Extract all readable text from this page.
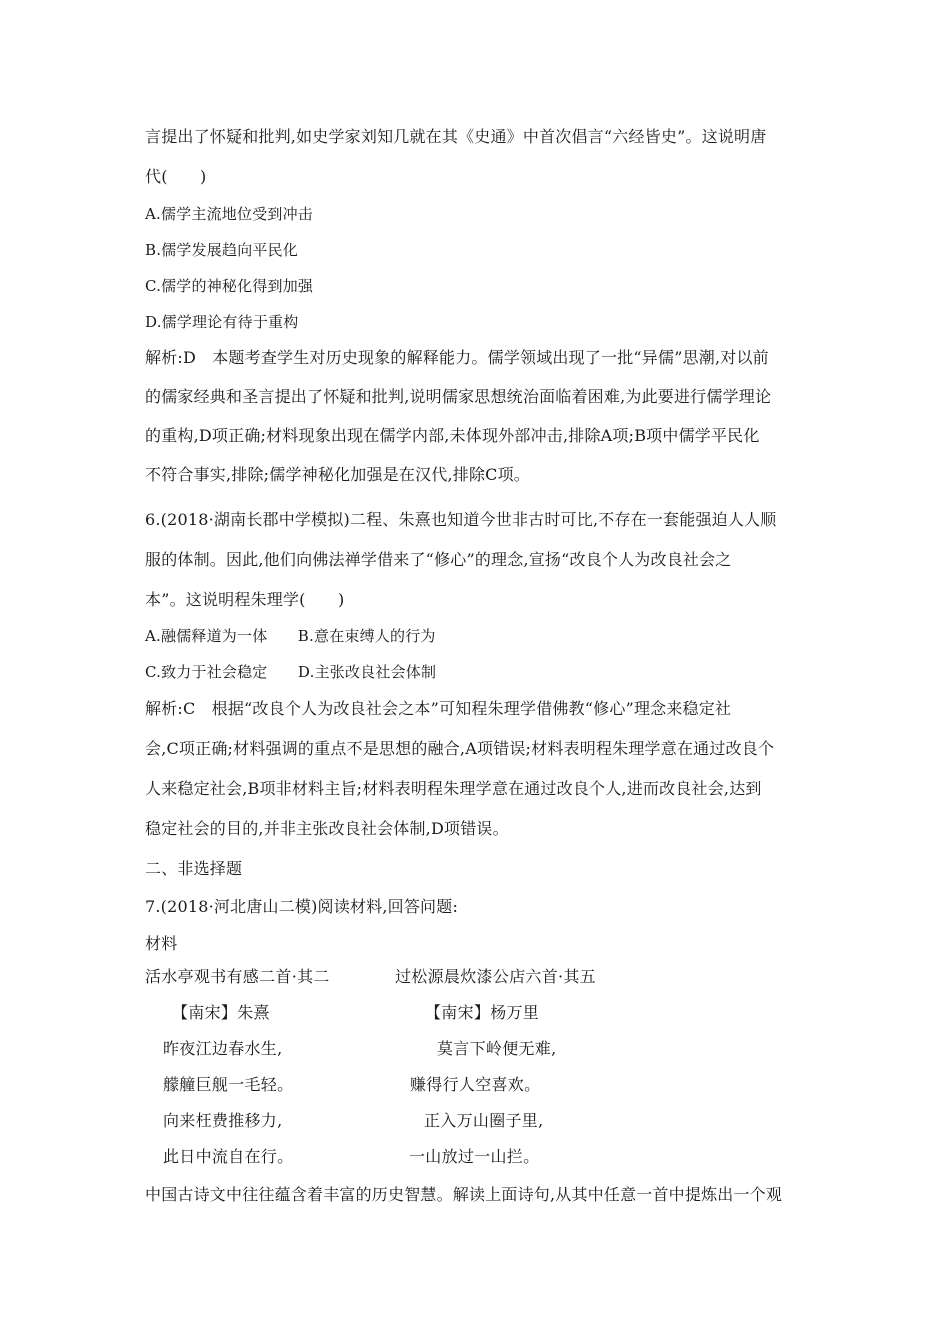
言提出了怀疑和批判,如史学家刘知几就在其《史通》中首次倡言“六经皆史”。这说明唐
代(　　)
A.儒学主流地位受到冲击
B.儒学发展趋向平民化
C.儒学的神秘化得到加强
D.儒学理论有待于重构
解析:D　本题考查学生对历史现象的解释能力。儒学领域出现了一批“异儒”思潮,对以前
的儒家经典和圣言提出了怀疑和批判,说明儒家思想统治面临着困难,为此要进行儒学理论
的重构,D项正确;材料现象出现在儒学内部,未体现外部冲击,排除A项;B项中儒学平民化
不符合事实,排除;儒学神秘化加强是在汉代,排除C项。
6.(2018·湖南长郡中学模拟)二程、朱熹也知道今世非古时可比,不存在一套能强迫人人顺
服的体制。因此,他们向佛法禅学借来了“修心”的理念,宣扬“改良个人为改良社会之
本”。这说明程朱理学(　　)
A.融儒释道为一体　　B.意在束缚人的行为
C.致力于社会稳定　　D.主张改良社会体制
解析:C　根据“改良个人为改良社会之本”可知程朱理学借佛教“修心”理念来稳定社
会,C项正确;材料强调的重点不是思想的融合,A项错误;材料表明程朱理学意在通过改良个
人来稳定社会,B项非材料主旨;材料表明程朱理学意在通过改良个人,进而改良社会,达到
稳定社会的目的,并非主张改良社会体制,D项错误。
二、非选择题
7.(2018·河北唐山二模)阅读材料,回答问题:
材料
活水亭观书有感二首·其二	过松源晨炊漆公店六首·其五
【南宋】朱熹	【南宋】杨万里
昨夜江边春水生,	莫言下岭便无难,
艨艟巨舰一毛轻。	赚得行人空喜欢。
向来枉费推移力,	正入万山圈子里,
此日中流自在行。	一山放过一山拦。
中国古诗文中往往蕴含着丰富的历史智慧。解读上面诗句,从其中任意一首中提炼出一个观
